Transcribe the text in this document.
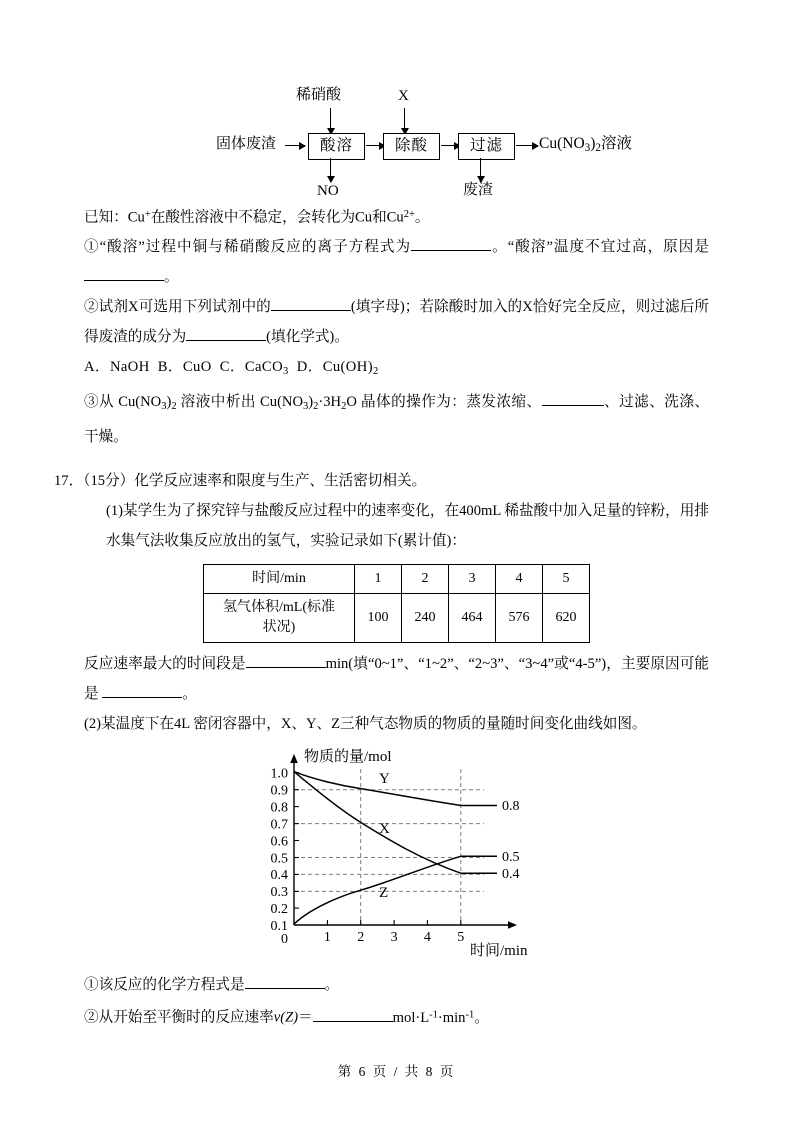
稀硝酸	X
固体废渣	酸溶	除酸	过滤	$Cu(NO_3)_2$溶液
NO	废渣

已知：Cu+在酸性溶液中不稳定，会转化为Cu和$Cu^{2+}$。

①“酸溶”过程中铜与稀硝酸反应的离子方程式为	。“酸溶”温度不宜过高，原因是 。

②试剂X可选用下列试剂中的	(填字母)；若除酸时加入的X恰好完全反应，则过滤后所得废渣的成分为	(填化学式)。

A．NaOH B．CuO C．CaCO$_3$ D．$Cu(OH)_2$

③从 $Cu(NO_3)_2$ 溶液中析出 $Cu(NO_3)_2\cdot 3H_2O$ 晶体的操作为：蒸发浓缩、	、过滤、洗涤、干燥。

17．（15分）化学反应速率和限度与生产、生活密切相关。

(1)某学生为了探究锌与盐酸反应过程中的速率变化，在400mL 稀盐酸中加入足量的锌粉，用排水集气法收集反应放出的氢气，实验记录如下(累计值)：

时间/min	1	2	3	4	5
氢气体积/mL(标准
状况)	100	240	464	576	620

反应速率最大的时间段是	min(填“0~1”、“1~2”、“2~3”、“3~4”或“4-5”)，主要原因可能是	。

(2)某温度下在4L 密闭容器中，X、Y、Z三种气态物质的物质的量随时间变化曲线如图。

1.0
0.9
0.8
0.7
0.6
0.5
0.4
0.3
0.2
0.1
0	1 2 3 4 5
物质的量/mol
时间/min
Y
X
Z
0.8
0.5
0.4

①该反应的化学方程式是	。

②从开始至平衡时的反应速率v(Z)＝	$mol\cdot L^{-1}\cdot\min^{-1}$。

第 6 页 / 共 8 页
